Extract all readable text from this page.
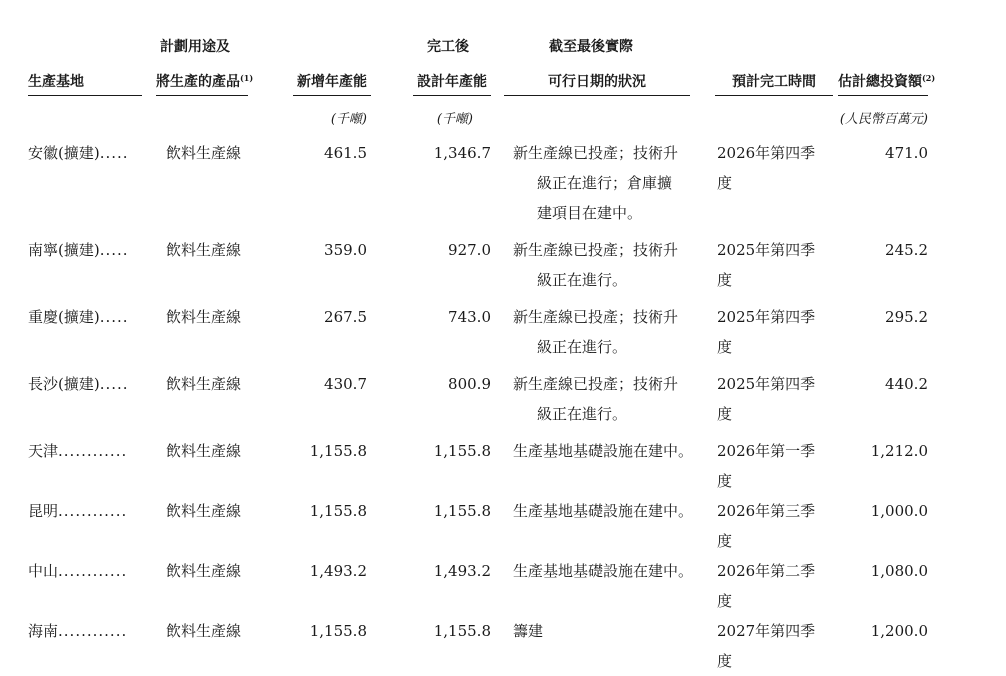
	計劃用途及		完工後	截至最後實際		
生產基地	將生產的產品$^{(1)}$	新增年產能	設計年產能	可行日期的狀況	預計完工時間	估計總投資額$^{(2)}$
		(千噸)	(千噸)			(人民幣百萬元)
安徽(擴建).....	飲料生產線	461.5	1,346.7	新生產線已投產；技術升
級正在進行；倉庫擴
建項目在建中。	2026年第四季度	471.0

南寧(擴建).....	飲料生產線	359.0	927.0	新生產線已投產；技術升
級正在進行。	2025年第四季度	245.2

重慶(擴建).....	飲料生產線	267.5	743.0	新生產線已投產；技術升
級正在進行。	2025年第四季度	295.2

長沙(擴建).....	飲料生產線	430.7	800.9	新生產線已投產；技術升
級正在進行。	2025年第四季度	440.2

天津............	飲料生產線	1,155.8	1,155.8	生產基地基礎設施在建中。	2026年第一季度	1,212.0
昆明............	飲料生產線	1,155.8	1,155.8	生產基地基礎設施在建中。	2026年第三季度	1,000.0
中山............	飲料生產線	1,493.2	1,493.2	生產基地基礎設施在建中。	2026年第二季度	1,080.0
海南............	飲料生產線	1,155.8	1,155.8	籌建	2027年第四季度	1,200.0
